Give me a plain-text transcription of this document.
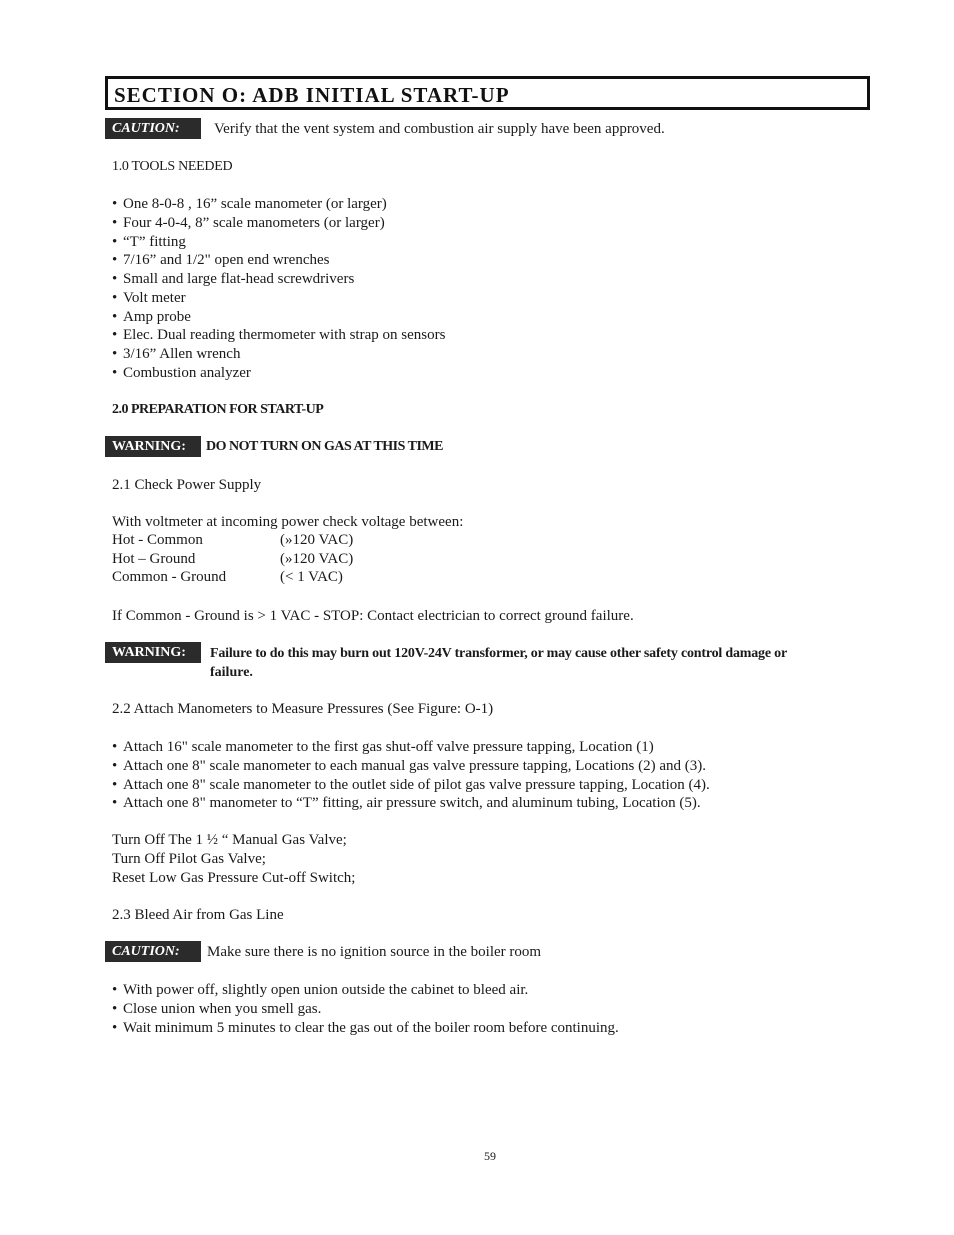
SECTION O: ADB INITIAL START-UP
CAUTION:	Verify that the vent system and combustion air supply have been approved.
1.0 TOOLS NEEDED
• One 8-0-8 , 16” scale manometer (or larger)
• Four 4-0-4, 8” scale manometers (or larger)
• “T” fitting
• 7/16” and 1/2" open end wrenches
• Small and large flat-head screwdrivers
• Volt meter
• Amp probe
• Elec. Dual reading thermometer with strap on sensors
• 3/16” Allen wrench
• Combustion analyzer
2.0 PREPARATION FOR START-UP
WARNING:	DO NOT TURN ON GAS AT THIS TIME
2.1 Check Power Supply
With voltmeter at incoming power check voltage between:
Hot - Common	(»120 VAC)
Hot – Ground	(»120 VAC)
Common - Ground	(< 1 VAC)
If Common - Ground is > 1 VAC - STOP: Contact electrician to correct ground failure.
WARNING:	Failure to do this may burn out 120V-24V transformer, or may cause other safety control damage or
failure.
2.2 Attach Manometers to Measure Pressures (See Figure: O-1)
• Attach 16" scale manometer to the first gas shut-off valve pressure tapping, Location (1)
• Attach one 8" scale manometer to each manual gas valve pressure tapping, Locations (2) and (3).
• Attach one 8" scale manometer to the outlet side of pilot gas valve pressure tapping, Location (4).
• Attach one 8" manometer to “T” fitting, air pressure switch, and aluminum tubing, Location (5).
Turn Off The 1 ½ “ Manual Gas Valve;
Turn Off Pilot Gas Valve;
Reset Low Gas Pressure Cut-off Switch;
2.3 Bleed Air from Gas Line
CAUTION:	Make sure there is no ignition source in the boiler room
• With power off, slightly open union outside the cabinet to bleed air.
• Close union when you smell gas.
• Wait minimum 5 minutes to clear the gas out of the boiler room before continuing.
59
